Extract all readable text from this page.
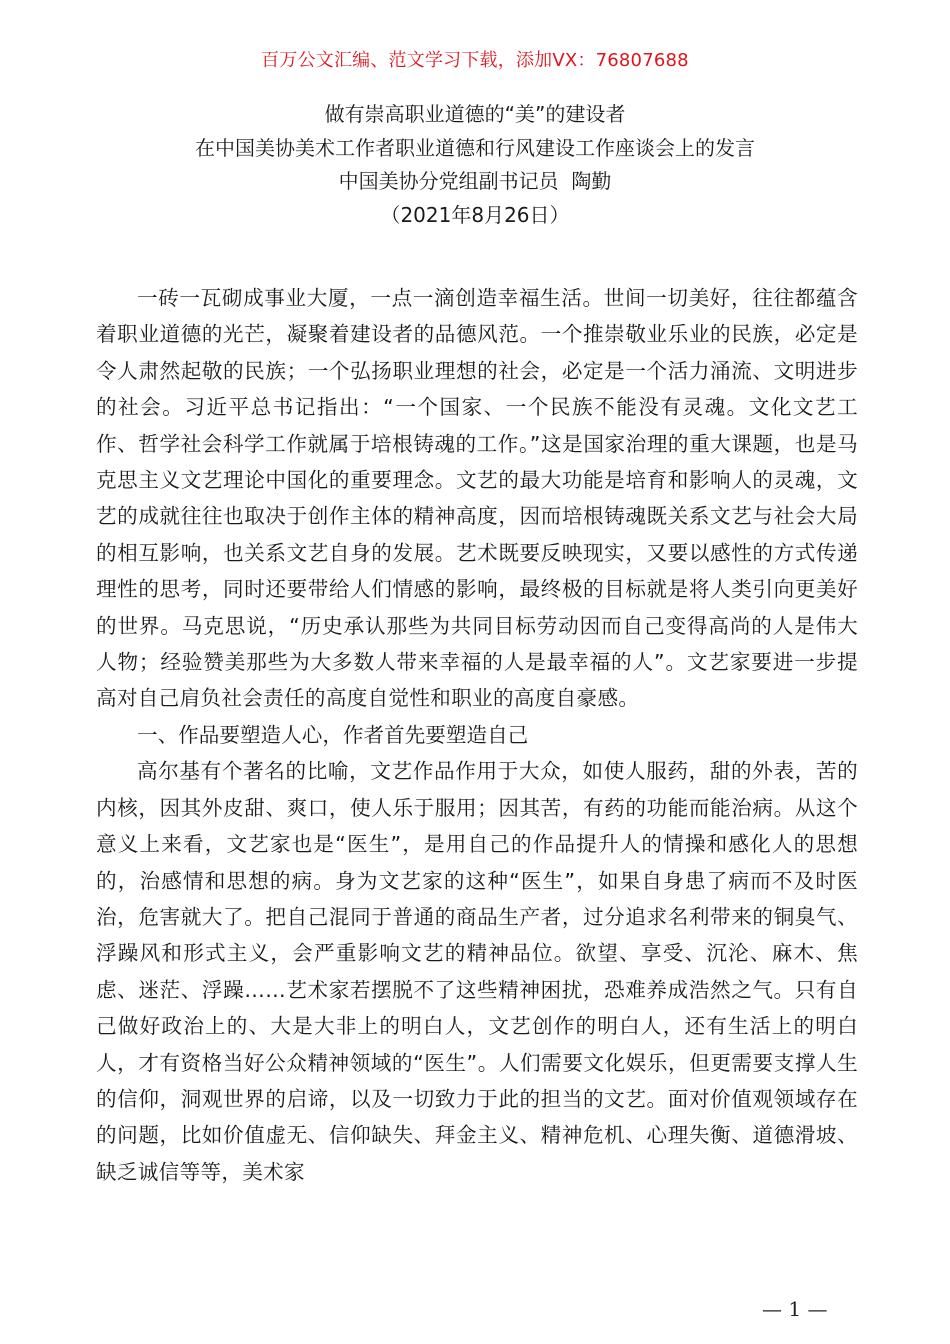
百万公文汇编、范文学习下载，添加VX：76807688
做有崇高职业道德的“美”的建设者
在中国美协美术工作者职业道德和行风建设工作座谈会上的发言
中国美协分党组副书记员  陶勤
（2021年8月26日）

一砖一瓦砌成事业大厦，一点一滴创造幸福生活。世间一切美好，往往都蕴含着职业道德的光芒，凝聚着建设者的品德风范。一个推崇敬业乐业的民族，必定是令人肃然起敬的民族；一个弘扬职业理想的社会，必定是一个活力涌流、文明进步的社会。习近平总书记指出：“一个国家、一个民族不能没有灵魂。文化文艺工作、哲学社会科学工作就属于培根铸魂的工作。”这是国家治理的重大课题，也是马克思主义文艺理论中国化的重要理念。文艺的最大功能是培育和影响人的灵魂，文艺的成就往往也取决于创作主体的精神高度，因而培根铸魂既关系文艺与社会大局的相互影响，也关系文艺自身的发展。艺术既要反映现实，又要以感性的方式传递理性的思考，同时还要带给人们情感的影响，最终极的目标就是将人类引向更美好的世界。马克思说，“历史承认那些为共同目标劳动因而自己变得高尚的人是伟大人物；经验赞美那些为大多数人带来幸福的人是最幸福的人”。文艺家要进一步提高对自己肩负社会责任的高度自觉性和职业的高度自豪感。

一、作品要塑造人心，作者首先要塑造自己

高尔基有个著名的比喻，文艺作品作用于大众，如使人服药，甜的外表，苦的内核，因其外皮甜、爽口，使人乐于服用；因其苦，有药的功能而能治病。从这个意义上来看，文艺家也是“医生”，是用自己的作品提升人的情操和感化人的思想的，治感情和思想的病。身为文艺家的这种“医生”，如果自身患了病而不及时医治，危害就大了。把自己混同于普通的商品生产者，过分追求名利带来的铜臭气、浮躁风和形式主义，会严重影响文艺的精神品位。欲望、享受、沉沦、麻木、焦虑、迷茫、浮躁……艺术家若摆脱不了这些精神困扰，恐难养成浩然之气。只有自己做好政治上的、大是大非上的明白人，文艺创作的明白人，还有生活上的明白人，才有资格当好公众精神领域的“医生”。人们需要文化娱乐，但更需要支撑人生的信仰，洞观世界的启谛，以及一切致力于此的担当的文艺。面对价值观领域存在的问题，比如价值虚无、信仰缺失、拜金主义、精神危机、心理失衡、道德滑坡、缺乏诚信等等，美术家

— 1 —
